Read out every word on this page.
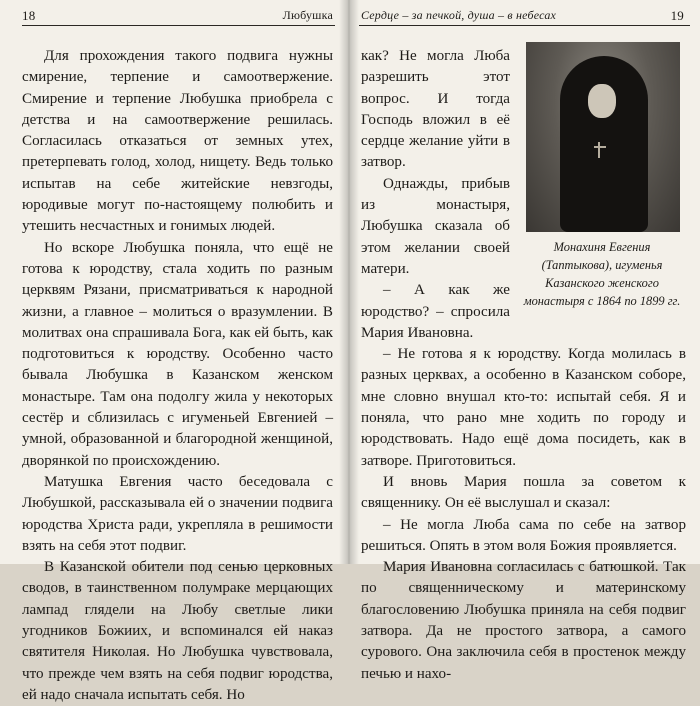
18	Любушка

Для прохождения такого подвига нужны смирение, терпение и самоотвержение. Смирение и терпение Любушка приобрела с детства и на самоотвержение решилась. Согласилась отказаться от земных утех, претерпевать голод, холод, нищету. Ведь только испытав на себе житейские невзгоды, юродивые могут по-настоящему полюбить и утешить несчастных и гонимых людей.

Но вскоре Любушка поняла, что ещё не готова к юродству, стала ходить по разным церквям Рязани, присматриваться к народной жизни, а главное – молиться о вразумлении. В молитвах она спрашивала Бога, как ей быть, как подготовиться к юродству. Особенно часто бывала Любушка в Казанском женском монастыре. Там она подолгу жила у некоторых сестёр и сблизилась с игуменьей Евгенией – умной, образованной и благородной женщиной, дворянкой по происхождению.

Матушка Евгения часто беседовала с Любушкой, рассказывала ей о значении подвига юродства Христа ради, укрепляла в решимости взять на себя этот подвиг.

В Казанской обители под сенью церковных сводов, в таинственном полумраке мерцающих лампад глядели на Любу светлые лики угодников Божиих, и вспоминался ей наказ святителя Николая. Но Любушка чувствовала, что прежде чем взять на себя подвиг юродства, ей надо сначала испытать себя. Но

Сердце – за печкой, душа – в небесах	19
Монахиня Евгения (Таптыкова), игуменья Казанского женского монастыря с 1864 по 1899 гг.

как? Не могла Люба разрешить этот вопрос. И тогда Господь вложил в её сердце желание уйти в затвор.

Однажды, прибыв из монастыря, Любушка сказала об этом желании своей матери.

– А как же юродство? – спросила Мария Ивановна.

– Не готова я к юродству. Когда молилась в разных церквах, а особенно в Казанском соборе, мне словно внушал кто-то: испытай себя. Я и поняла, что рано мне ходить по городу и юродствовать. Надо ещё дома посидеть, как в затворе. Приготовиться.

И вновь Мария пошла за советом к священнику. Он её выслушал и сказал:

– Не могла Люба сама по себе на затвор решиться. Опять в этом воля Божия проявляется.

Мария Ивановна согласилась с батюшкой. Так по священническому и материнскому благословению Любушка приняла на себя подвиг затвора. Да не простого затвора, а самого сурового. Она заключила себя в простенок между печью и нахо-
